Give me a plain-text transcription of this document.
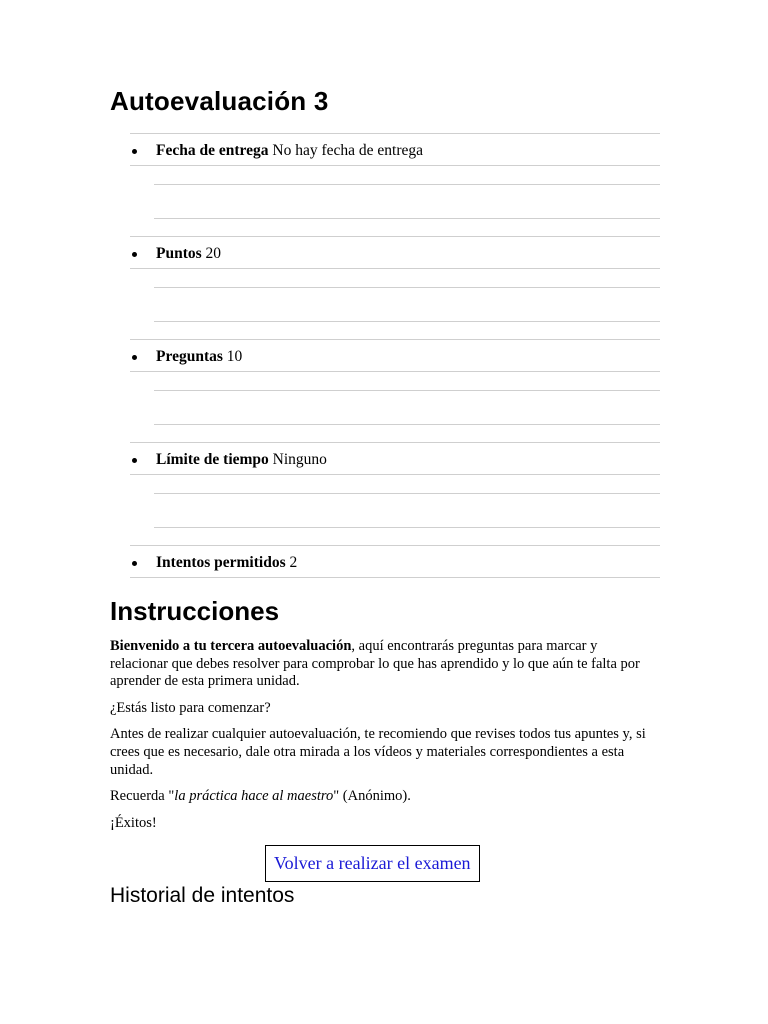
Autoevaluación 3
Fecha de entrega No hay fecha de entrega
Puntos 20
Preguntas 10
Límite de tiempo Ninguno
Intentos permitidos 2
Instrucciones

Bienvenido a tu tercera autoevaluación, aquí encontrarás preguntas para marcar y relacionar que debes resolver para comprobar lo que has aprendido y lo que aún te falta por aprender de esta primera unidad.

¿Estás listo para comenzar?

Antes de realizar cualquier autoevaluación, te recomiendo que revises todos tus apuntes y, si crees que es necesario, dale otra mirada a los vídeos y materiales correspondientes a esta unidad.

Recuerda "la práctica hace al maestro" (Anónimo).

¡Éxitos!

Volver a realizar el examen
Historial de intentos
